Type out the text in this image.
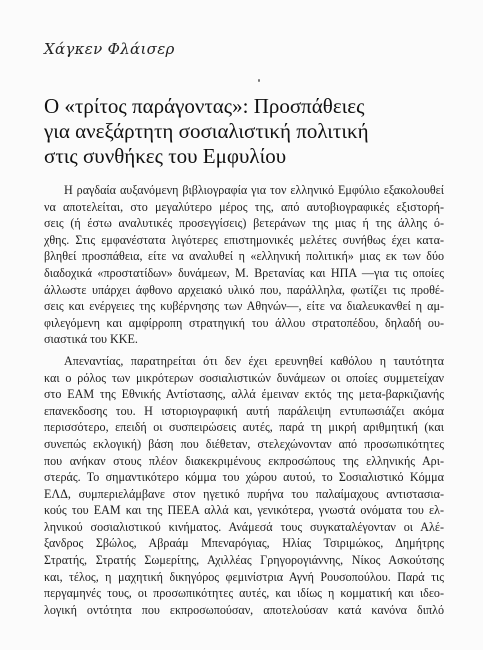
Χάγκεν Φλάισερ
Ο «τρίτος παράγοντας»: Προσπάθειες
για ανεξάρτητη σοσιαλιστική πολιτική
στις συνθήκες του Εμφυλίου
Η ραγδαία αυξανόμενη βιβλιογραφία για τον ελληνικό Εμφύλιο εξακολουθεί
να αποτελείται, στο μεγαλύτερο μέρος της, από αυτοβιογραφικές εξιστορή-
σεις (ή έστω αναλυτικές προσεγγίσεις) βετεράνων της μιας ή της άλλης ό-
χθης. Στις εμφανέστατα λιγότερες επιστημονικές μελέτες συνήθως έχει κατα-
βληθεί προσπάθεια, είτε να αναλυθεί η «ελληνική πολιτική» μιας εκ των δύο
διαδοχικά «προστατίδων» δυνάμεων, Μ. Βρετανίας και ΗΠΑ —για τις οποίες
άλλωστε υπάρχει άφθονο αρχειακό υλικό που, παράλληλα, φωτίζει τις προθέ-
σεις και ενέργειες της κυβέρνησης των Αθηνών—, είτε να διαλευκανθεί η αμ-
φιλεγόμενη και αμφίρροπη στρατηγική του άλλου στρατοπέδου, δηλαδή ου-
σιαστικά του ΚΚΕ.
Απεναντίας, παρατηρείται ότι δεν έχει ερευνηθεί καθόλου η ταυτότητα
και ο ρόλος των μικρότερων σοσιαλιστικών δυνάμεων οι οποίες συμμετείχαν
στο ΕΑΜ της Εθνικής Αντίστασης, αλλά έμειναν εκτός της μετα-βαρκιζιανής
επανεκδοσης του. Η ιστοριογραφική αυτή παράλειψη εντυπωσιάζει ακόμα
περισσότερο, επειδή οι συσπειρώσεις αυτές, παρά τη μικρή αριθμητική (και
συνεπώς εκλογική) βάση που διέθεταν, στελεχώνονταν από προσωπικότητες
που ανήκαν στους πλέον διακεκριμένους εκπροσώπους της ελληνικής Αρι-
στεράς. Το σημαντικότερο κόμμα του χώρου αυτού, το Σοσιαλιστικό Κόμμα
ΕΛΔ, συμπεριελάμβανε στον ηγετικό πυρήνα του παλαίμαχους αντιστασια-
κούς του ΕΑΜ και της ΠΕΕΑ αλλά και, γενικότερα, γνωστά ονόματα του ελ-
ληνικού σοσιαλιστικού κινήματος. Ανάμεσά τους συγκαταλέγονταν οι Αλέ-
ξανδρος Σβώλος, Αβραάμ Μπεναρόγιας, Ηλίας Τσιριμώκος, Δημήτρης
Στρατής, Στρατής Σωμερίτης, Αχιλλέας Γρηγορογιάννης, Νίκος Ασκούτσης
και, τέλος, η μαχητική δικηγόρος φεμινίστρια Αγνή Ρουσοπούλου. Παρά τις
περγαμηνές τους, οι προσωπικότητες αυτές, και ιδίως η κομματική και ιδεο-
λογική οντότητα που εκπροσωπούσαν, αποτελούσαν κατά κανόνα διπλό
